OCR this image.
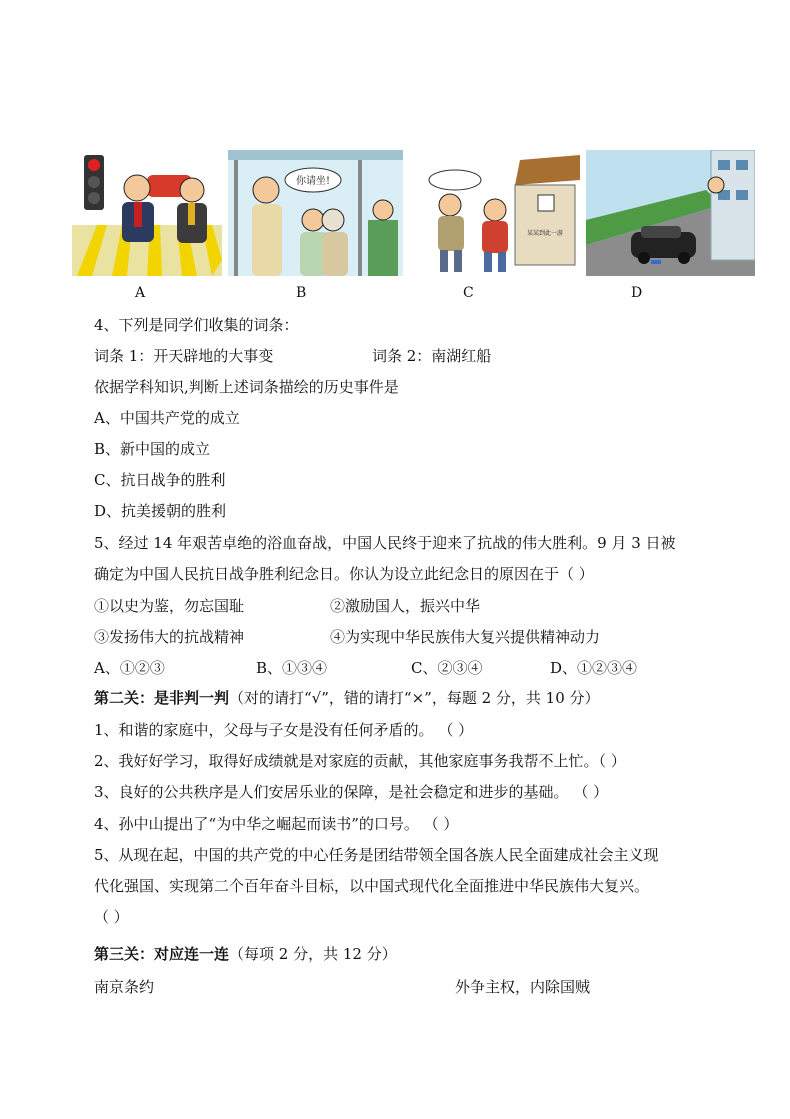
A
你请坐!
B
某某到此一游
C	D
4、下列是同学们收集的词条：
词条 1：开天辟地的大事变	词条 2：南湖红船
依据学科知识,判断上述词条描绘的历史事件是
A、中国共产党的成立
B、新中国的成立
C、抗日战争的胜利
D、抗美援朝的胜利
5、经过 14 年艰苦卓绝的浴血奋战，中国人民终于迎来了抗战的伟大胜利。9 月 3 日被
确定为中国人民抗日战争胜利纪念日。你认为设立此纪念日的原因在于（ ）
①以史为鉴，勿忘国耻	②激励国人，振兴中华
③发扬伟大的抗战精神	④为实现中华民族伟大复兴提供精神动力
A、①②③	B、①③④	C、②③④	D、①②③④
第二关：是非判一判（对的请打“√”，错的请打“×”，每题 2 分，共 10 分）
1、和谐的家庭中，父母与子女是没有任何矛盾的。 （ ）
2、我好好学习，取得好成绩就是对家庭的贡献，其他家庭事务我帮不上忙。（ ）
3、良好的公共秩序是人们安居乐业的保障，是社会稳定和进步的基础。 （ ）
4、孙中山提出了“为中华之崛起而读书”的口号。 （ ）
5、从现在起，中国的共产党的中心任务是团结带领全国各族人民全面建成社会主义现
代化强国、实现第二个百年奋斗目标，以中国式现代化全面推进中华民族伟大复兴。
（ ）
第三关：对应连一连（每项 2 分，共 12 分）
南京条约	外争主权，内除国贼
